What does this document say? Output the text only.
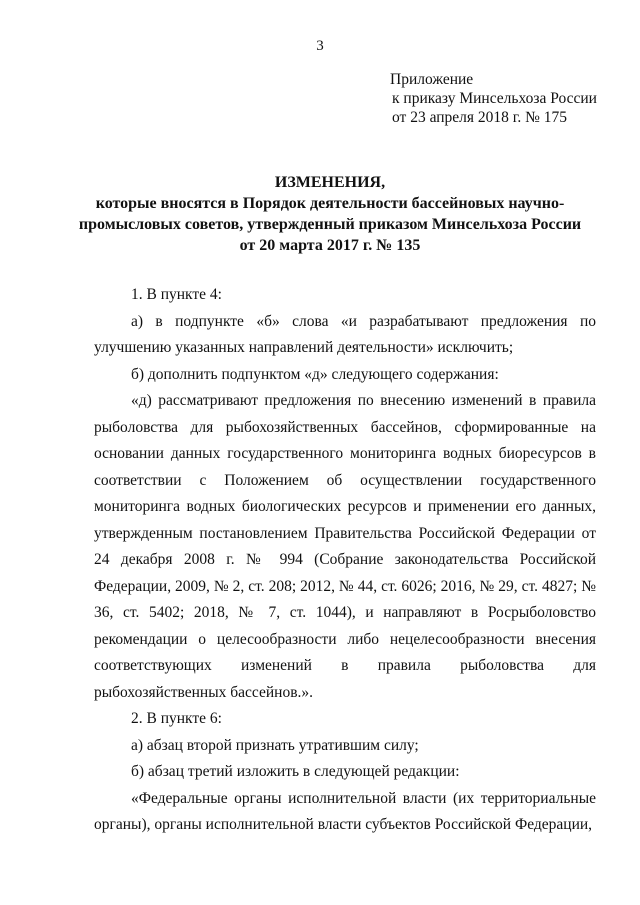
3
Приложение
к приказу Минсельхоза России
от 23 апреля 2018 г. № 175
ИЗМЕНЕНИЯ,
которые вносятся в Порядок деятельности бассейновых научно-
промысловых советов, утвержденный приказом Минсельхоза России
от 20 марта 2017 г. № 135

1. В пункте 4:

а) в подпункте «б» слова «и разрабатывают предложения по улучшению указанных направлений деятельности» исключить;

б) дополнить подпунктом «д» следующего содержания:

«д) рассматривают предложения по внесению изменений в правила рыболовства для рыбохозяйственных бассейнов, сформированные на основании данных государственного мониторинга водных биоресурсов в соответствии с Положением об осуществлении государственного мониторинга водных биологических ресурсов и применении его данных, утвержденным постановлением Правительства Российской Федерации от 24 декабря 2008 г. № 994 (Собрание законодательства Российской Федерации, 2009, № 2, ст. 208; 2012, № 44, ст. 6026; 2016, № 29, ст. 4827; № 36, ст. 5402; 2018, № 7, ст. 1044), и направляют в Росрыболовство рекомендации о целесообразности либо нецелесообразности внесения соответствующих изменений в правила рыболовства для рыбохозяйственных бассейнов.».

2. В пункте 6:

а) абзац второй признать утратившим силу;

б) абзац третий изложить в следующей редакции:

«Федеральные органы исполнительной власти (их территориальные органы), органы исполнительной власти субъектов Российской Федерации,
